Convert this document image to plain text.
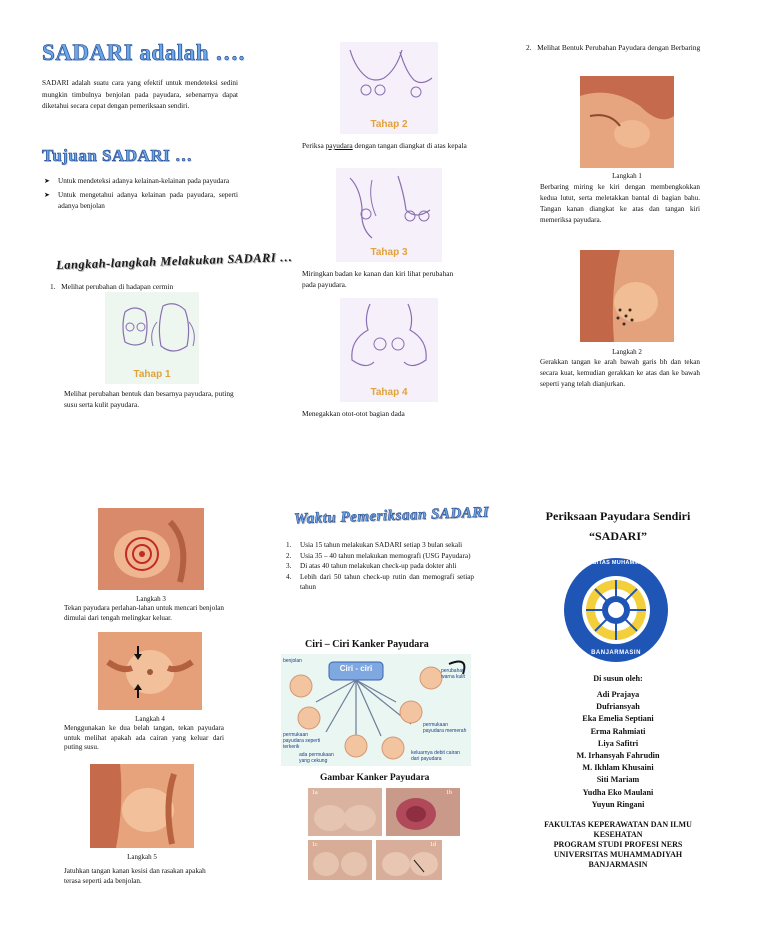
SADARI adalah ….
SADARI adalah suatu cara yang efektif untuk mendeteksi sedini mungkin timbulnya benjolan pada payudara, sebenarnya dapat diketahui secara cepat dengan pemeriksaan sendiri.
Tujuan SADARI …
➤ Untuk mendeteksi adanya kelainan-kelainan pada payudara
➤ Untuk mengetahui adanya kelainan pada payudara, seperti adanya benjolan
Langkah-langkah Melakukan SADARI …
1. Melihat perubahan di hadapan cermin
Tahap 1
Melihat perubahan bentuk dan besarnya payudara, puting susu serta kulit payudara.
Tahap 2
Periksa payudara dengan tangan diangkat di atas kepala
Tahap 3
Miringkan badan ke kanan dan kiri lihat perubahan pada payudara.
Tahap 4
Menegakkan otot-otot bagian dada
2. Melihat Bentuk Perubahan Payudara dengan Berbaring
Langkah 1
Berbaring miring ke kiri dengan membengkokkan kedua lutut, serta meletakkan bantal di bagian bahu. Tangan kanan diangkat ke atas dan tangan kiri memeriksa payudara.
Langkah 2
Gerakkan tangan ke arah bawah garis bh dan tekan secara kuat, kemudian gerakkan ke atas dan ke bawah seperti yang telah dianjurkan.
Langkah 3
Tekan payudara perlahan-lahan untuk mencari benjolan dimulai dari tengah melingkar keluar.
Langkah 4
Menggunakan ke dua belah tangan, tekan payudara untuk melihat apakah ada cairan yang keluar dari puting susu.
Langkah 5
Jatuhkan tangan kanan kesisi dan rasakan apakah terasa seperti ada benjolan.
Waktu Pemeriksaan SADARI
1. Usia 15 tahun melakukan SADARI setiap 3 bulan sekali
2. Usia 35 – 40 tahun melakukan memografi (USG Payudara)
3. Di atas 40 tahun melakukan check-up pada dokter ahli
4. Lebih dari 50 tahun check-up rutin dan memografi setiap tahun
Ciri – Ciri Kanker Payudara
Ciri - ciri
benjolan
perubahan warna kulit
permukaan payudara memerah
permukaan payudara seperti terkerik
ada permukaan yang cekung
keluarnya debit cairan dari payudara
Gambar Kanker Payudara
1a	1b
1c	1d
Periksaan Payudara Sendiri
“SADARI”
UNIVERSITAS MUHAMMADIYAH
BANJARMASIN
Di susun oleh:
Adi Prajaya
Dufriansyah
Eka Emelia Septiani
Erma Rahmiati
Liya Safitri
M. Irhansyah Fahrudin
M. Ikhlam Khusaini
Siti Mariam
Yudha Eko Maulani
Yuyun Ringani
FAKULTAS KEPERAWATAN DAN ILMU KESEHATAN
PROGRAM STUDI PROFESI NERS
UNIVERSITAS MUHAMMADIYAH
BANJARMASIN
